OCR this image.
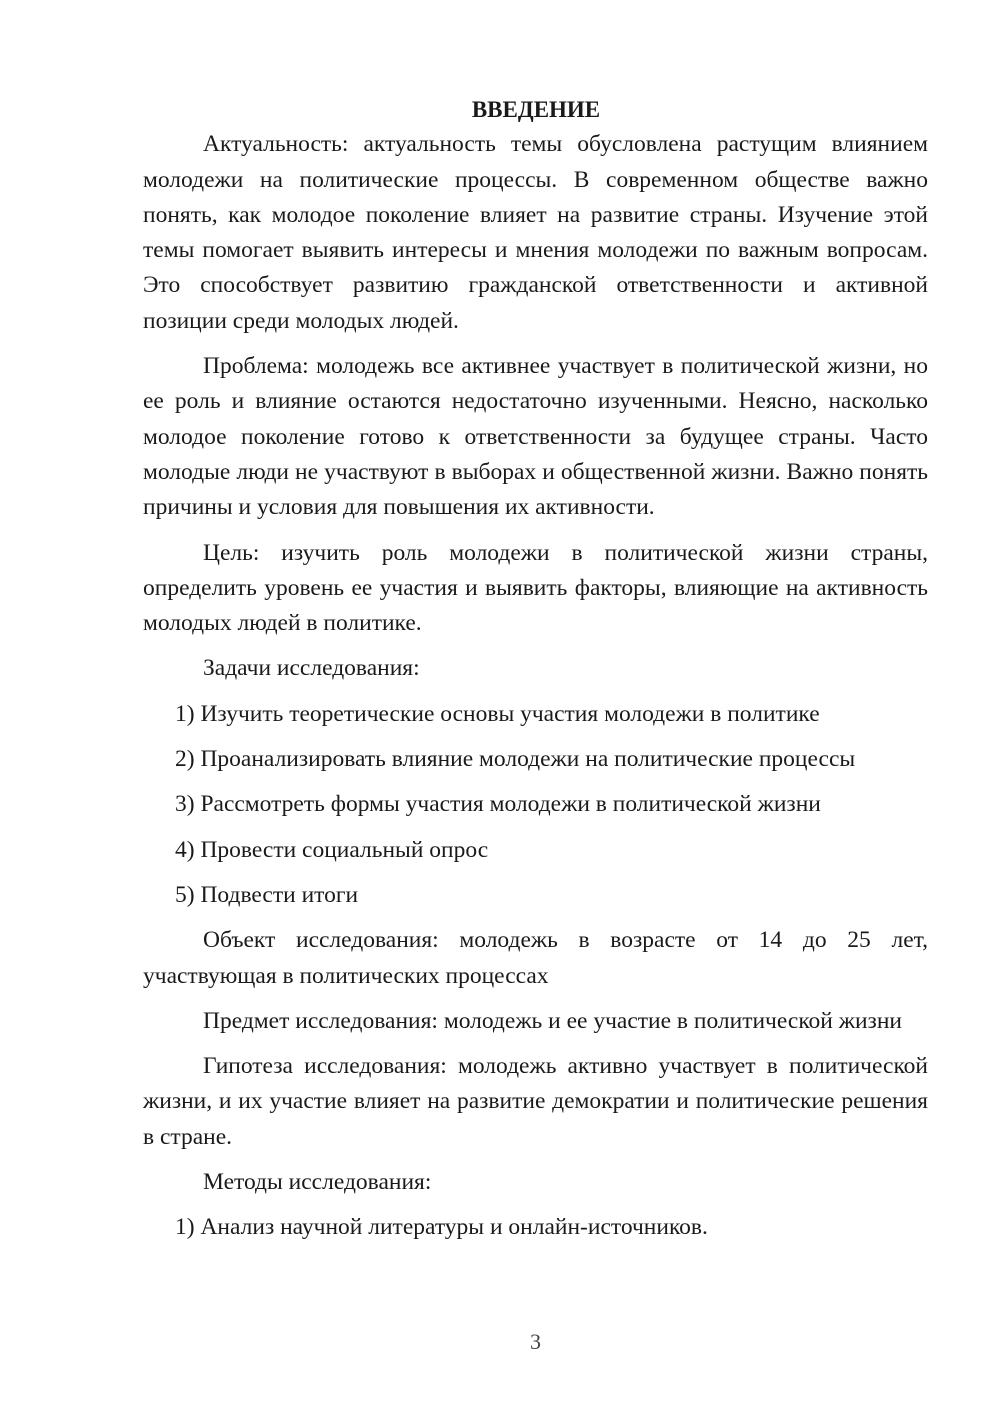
ВВЕДЕНИЕ

Актуальность: актуальность темы обусловлена растущим влиянием молодежи на политические процессы. В современном обществе важно понять, как молодое поколение влияет на развитие страны. Изучение этой темы помогает выявить интересы и мнения молодежи по важным вопросам. Это способствует развитию гражданской ответственности и активной позиции среди молодых людей.

Проблема: молодежь все активнее участвует в политической жизни, но ее роль и влияние остаются недостаточно изученными. Неясно, насколько молодое поколение готово к ответственности за будущее страны. Часто молодые люди не участвуют в выборах и общественной жизни. Важно понять причины и условия для повышения их активности.

Цель: изучить роль молодежи в политической жизни страны, определить уровень ее участия и выявить факторы, влияющие на активность молодых людей в политике.

Задачи исследования:

1) Изучить теоретические основы участия молодежи в политике
2) Проанализировать влияние молодежи на политические процессы
3) Рассмотреть формы участия молодежи в политической жизни
4) Провести социальный опрос
5) Подвести итоги

Объект исследования: молодежь в возрасте от 14 до 25 лет, участвующая в политических процессах

Предмет исследования: молодежь и ее участие в политической жизни

Гипотеза исследования: молодежь активно участвует в политической жизни, и их участие влияет на развитие демократии и политические решения в стране.

Методы исследования:

1) Анализ научной литературы и онлайн-источников.
3
